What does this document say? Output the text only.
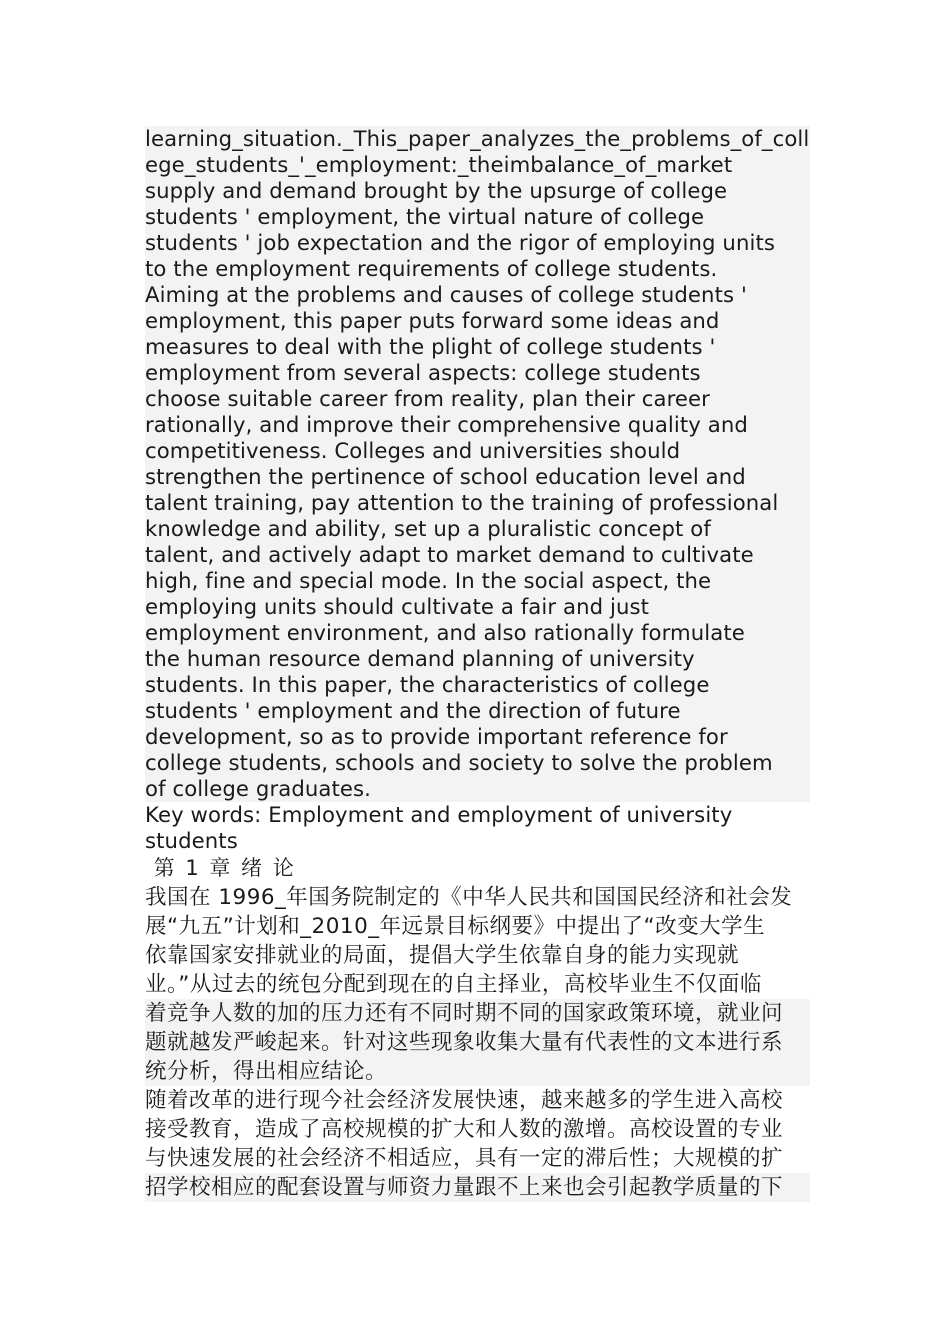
learning_situation._This_paper_analyzes_the_problems_of_coll
ege_students_'_employment:_theimbalance_of_market
supply and demand brought by the upsurge of college
students ' employment, the virtual nature of college
students ' job expectation and the rigor of employing units
to the employment requirements of college students.
Aiming at the problems and causes of college students '
employment, this paper puts forward some ideas and
measures to deal with the plight of college students '
employment from several aspects: college students
choose suitable career from reality, plan their career
rationally, and improve their comprehensive quality and
competitiveness. Colleges and universities should
strengthen the pertinence of school education level and
talent training, pay attention to the training of professional
knowledge and ability, set up a pluralistic concept of
talent, and actively adapt to market demand to cultivate
high, fine and special mode. In the social aspect, the
employing units should cultivate a fair and just
employment environment, and also rationally formulate
the human resource demand planning of university
students. In this paper, the characteristics of college
students ' employment and the direction of future
development, so as to provide important reference for
college students, schools and society to solve the problem
of college graduates.
Key words: Employment and employment of university
students
第 1 章 绪 论
我国在 1996_年国务院制定的《中华人民共和国国民经济和社会发
展“九五”计划和_2010_年远景目标纲要》中提出了“改变大学生
依靠国家安排就业的局面，提倡大学生依靠自身的能力实现就
业。”从过去的统包分配到现在的自主择业，高校毕业生不仅面临
着竞争人数的加的压力还有不同时期不同的国家政策环境，就业问
题就越发严峻起来。针对这些现象收集大量有代表性的文本进行系
统分析，得出相应结论。
随着改革的进行现今社会经济发展快速，越来越多的学生进入高校
接受教育，造成了高校规模的扩大和人数的激增。高校设置的专业
与快速发展的社会经济不相适应，具有一定的滞后性；大规模的扩
招学校相应的配套设置与师资力量跟不上来也会引起教学质量的下
